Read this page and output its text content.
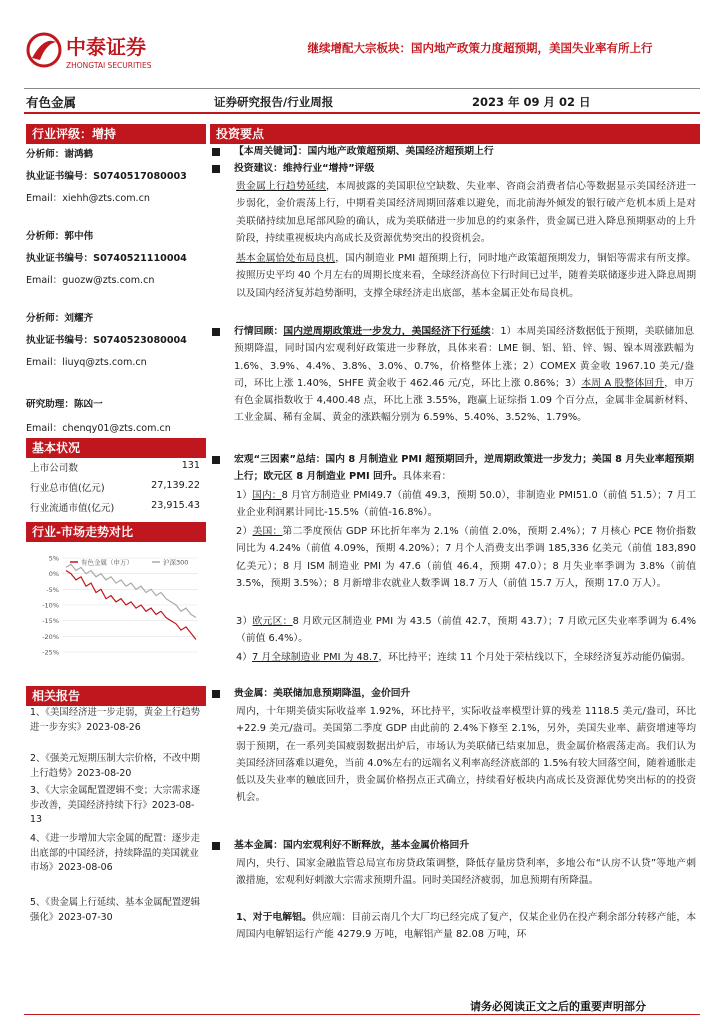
中泰证券
ZHONGTAI SECURITIES
继续增配大宗板块：国内地产政策力度超预期，美国失业率有所上行
有色金属	证券研究报告/行业周报	2023 年 09 月 02 日
行业评级：增持
分析师：谢鸿鹤
执业证书编号：S0740517080003
Email：xiehh@zts.com.cn
分析师：郭中伟
执业证书编号：S0740521110004
Email：guozw@zts.com.cn
分析师：刘耀齐
执业证书编号：S0740523080004
Email：liuyq@zts.com.cn
研究助理：陈凶一
Email：chenqy01@zts.com.cn
基本状况
上市公司数	131
行业总市值(亿元)	27,139.22
行业流通市值(亿元)	23,915.43
行业-市场走势对比
5%
0%
-5%
-10%
-15%
-20%
-25%
有色金属（申万）	沪深300
相关报告
1、《美国经济进一步走弱，黄金上行趋势进一步夯实》2023-08-26
2、《强美元短期压制大宗价格，不改中期上行趋势》2023-08-20
3、《大宗金属配置逻辑不变；大宗需求逐步改善，美国经济持续下行》2023-08-13
4、《进一步增加大宗金属的配置：逐步走出底部的中国经济，持续降温的美国就业市场》2023-08-06
5、《贵金属上行延续、基本金属配置逻辑强化》2023-07-30
投资要点
【本周关键词】：国内地产政策超预期、美国经济超预期上行
投资建议：维持行业“增持”评级
贵金属上行趋势延续，本周披露的美国职位空缺数、失业率、咨商会消费者信心等数据显示美国经济进一步弱化，金价震荡上行，中期看美国经济周期回落难以避免，而北前海外倾发的银行破产危机本质上是对美联储持续加息尾部风险的确认，成为美联储进一步加息的约束条件，贵金属已进入降息预期驱动的上升阶段，持续重视板块内高成长及资源优势突出的投资机会。
基本金属恰处布局良机，国内制造业 PMI 超预期上行，同时地产政策超预期发力，铜铝等需求有所支撑。按照历史平均 40 个月左右的周期长度来看，全球经济高位下行时间已过半，随着美联储逐步进入降息周期以及国内经济复苏趋势渐明，支撑全球经济走出底部，基本金属正处布局良机。
行情回顾：国内逆周期政策进一步发力，美国经济下行延续：1）本周美国经济数据低于预期，美联储加息预期降温，同时国内宏观利好政策进一步释放，具体来看：LME 铜、铝、铅、锌、锡、镍本周涨跌幅为 1.6%、3.9%、4.4%、3.8%、3.0%、0.7%，价格整体上涨；2）COMEX 黄金收 1967.10 美元/盎司，环比上涨 1.40%，SHFE 黄金收于 462.46 元/克，环比上涨 0.86%；3）本周 A 股整体回升，申万有色金属指数收于 4,400.48 点，环比上涨 3.55%，跑赢上证综指 1.09 个百分点，金属非金属新材料、工业金属、稀有金属、黄金的涨跌幅分别为 6.59%、5.40%、3.52%、1.79%。
宏观“三因素”总结：国内 8 月制造业 PMI 超预期回升，逆周期政策进一步发力；美国 8 月失业率超预期上行；欧元区 8 月制造业 PMI 回升。具体来看：
1）国内：8 月官方制造业 PMI49.7（前值 49.3，预期 50.0），非制造业 PMI51.0（前值 51.5）；7 月工业企业利润累计同比-15.5%（前值-16.8%）。
2）美国：第二季度预估 GDP 环比折年率为 2.1%（前值 2.0%，预期 2.4%）；7 月核心 PCE 物价指数同比为 4.24%（前值 4.09%，预期 4.20%）；7 月个人消费支出季调 185,336 亿美元（前值 183,890 亿美元）；8 月 ISM 制造业 PMI 为 47.6（前值 46.4，预期 47.0）；8 月失业率季调为 3.8%（前值 3.5%，预期 3.5%）；8 月新增非农就业人数季调 18.7 万人（前值 15.7 万人，预期 17.0 万人）。
3）欧元区：8 月欧元区制造业 PMI 为 43.5（前值 42.7，预期 43.7）；7 月欧元区失业率季调为 6.4%（前值 6.4%）。
4）7 月全球制造业 PMI 为 48.7，环比持平；连续 11 个月处于荣枯线以下，全球经济复苏动能仍偏弱。
贵金属：美联储加息预期降温，金价回升
周内，十年期美债实际收益率 1.92%，环比持平，实际收益率模型计算的残差 1118.5 美元/盎司，环比+22.9 美元/盎司。美国第二季度 GDP 由此前的 2.4%下修至 2.1%，另外，美国失业率、薪资增速等均弱于预期，在一系列美国疲弱数据出炉后，市场认为美联储已结束加息，贵金属价格震荡走高。我们认为美国经济回落难以避免，当前 4.0%左右的远端名义利率高经济底部的 1.5%有较大回落空间，随着通胀走低以及失业率的触底回升，贵金属价格拐点正式确立，持续看好板块内高成长及资源优势突出标的的投资机会。
基本金属：国内宏观利好不断释放，基本金属价格回升
周内，央行、国家金融监管总局宣布房贷政策调整，降低存量房贷利率，多地公布“认房不认贷”等地产刺激措施，宏观利好刺激大宗需求预期升温。同时美国经济疲弱，加息预期有所降温。
1、对于电解铝。供应端：目前云南几个大厂均已经完成了复产，仅某企业仍在投产剩余部分转移产能，本周国内电解铝运行产能 4279.9 万吨，电解铝产量 82.08 万吨，环
请务必阅读正文之后的重要声明部分
